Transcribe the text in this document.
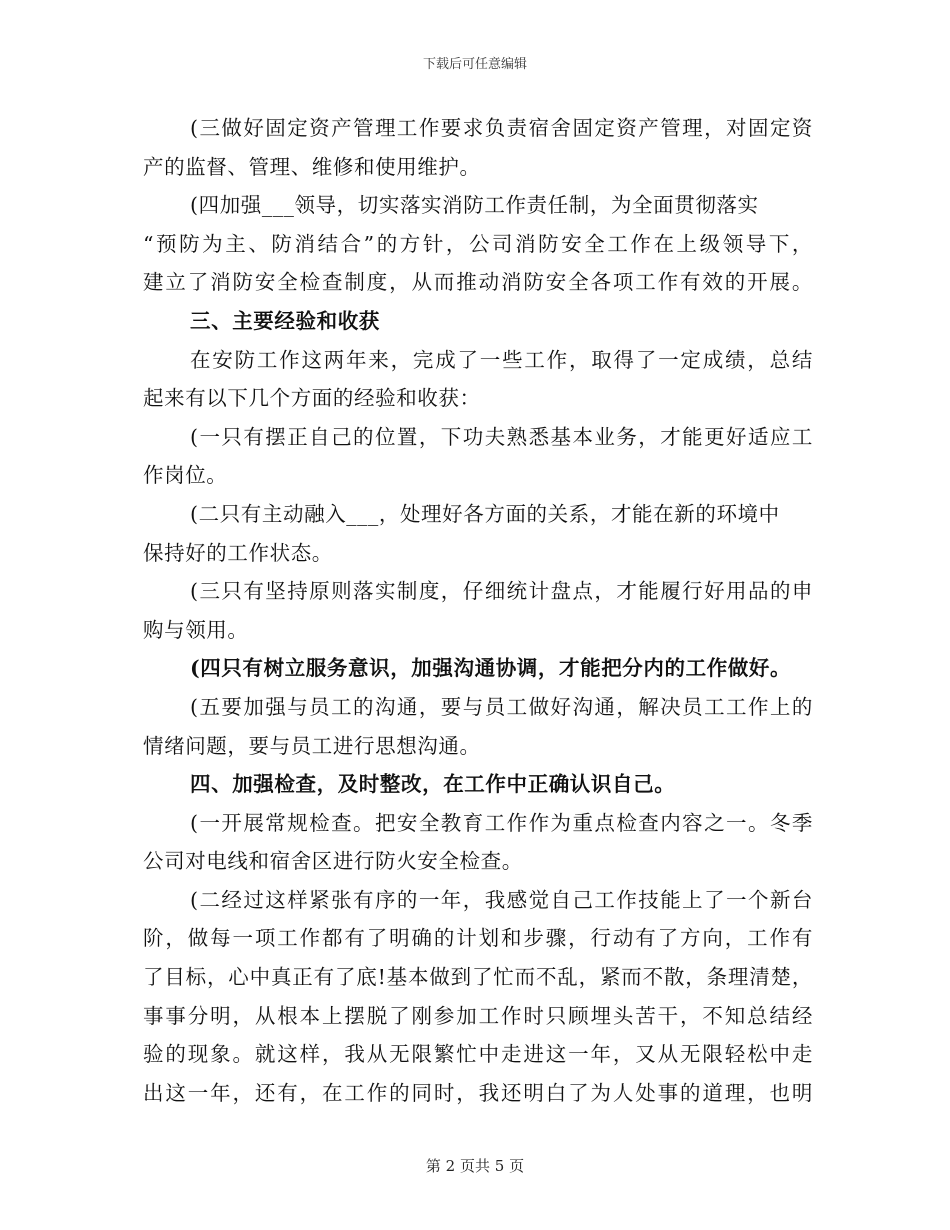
下载后可任意编辑
(三做好固定资产管理工作要求负责宿舍固定资产管理，对固定资
产的监督、管理、维修和使用维护。
(四加强___领导，切实落实消防工作责任制，为全面贯彻落实
“预防为主、防消结合”的方针，公司消防安全工作在上级领导下，
建立了消防安全检查制度，从而推动消防安全各项工作有效的开展。
三、主要经验和收获
在安防工作这两年来，完成了一些工作，取得了一定成绩，总结
起来有以下几个方面的经验和收获：
(一只有摆正自己的位置，下功夫熟悉基本业务，才能更好适应工
作岗位。
(二只有主动融入___，处理好各方面的关系，才能在新的环境中
保持好的工作状态。
(三只有坚持原则落实制度，仔细统计盘点，才能履行好用品的申
购与领用。
(四只有树立服务意识，加强沟通协调，才能把分内的工作做好。
(五要加强与员工的沟通，要与员工做好沟通，解决员工工作上的
情绪问题，要与员工进行思想沟通。
四、加强检查，及时整改，在工作中正确认识自己。
(一开展常规检查。把安全教育工作作为重点检查内容之一。冬季
公司对电线和宿舍区进行防火安全检查。
(二经过这样紧张有序的一年，我感觉自己工作技能上了一个新台
阶，做每一项工作都有了明确的计划和步骤，行动有了方向，工作有
了目标，心中真正有了底!基本做到了忙而不乱，紧而不散，条理清楚，
事事分明，从根本上摆脱了刚参加工作时只顾埋头苦干，不知总结经
验的现象。就这样，我从无限繁忙中走进这一年，又从无限轻松中走
出这一年，还有，在工作的同时，我还明白了为人处事的道理，也明
第 2 页共 5 页
